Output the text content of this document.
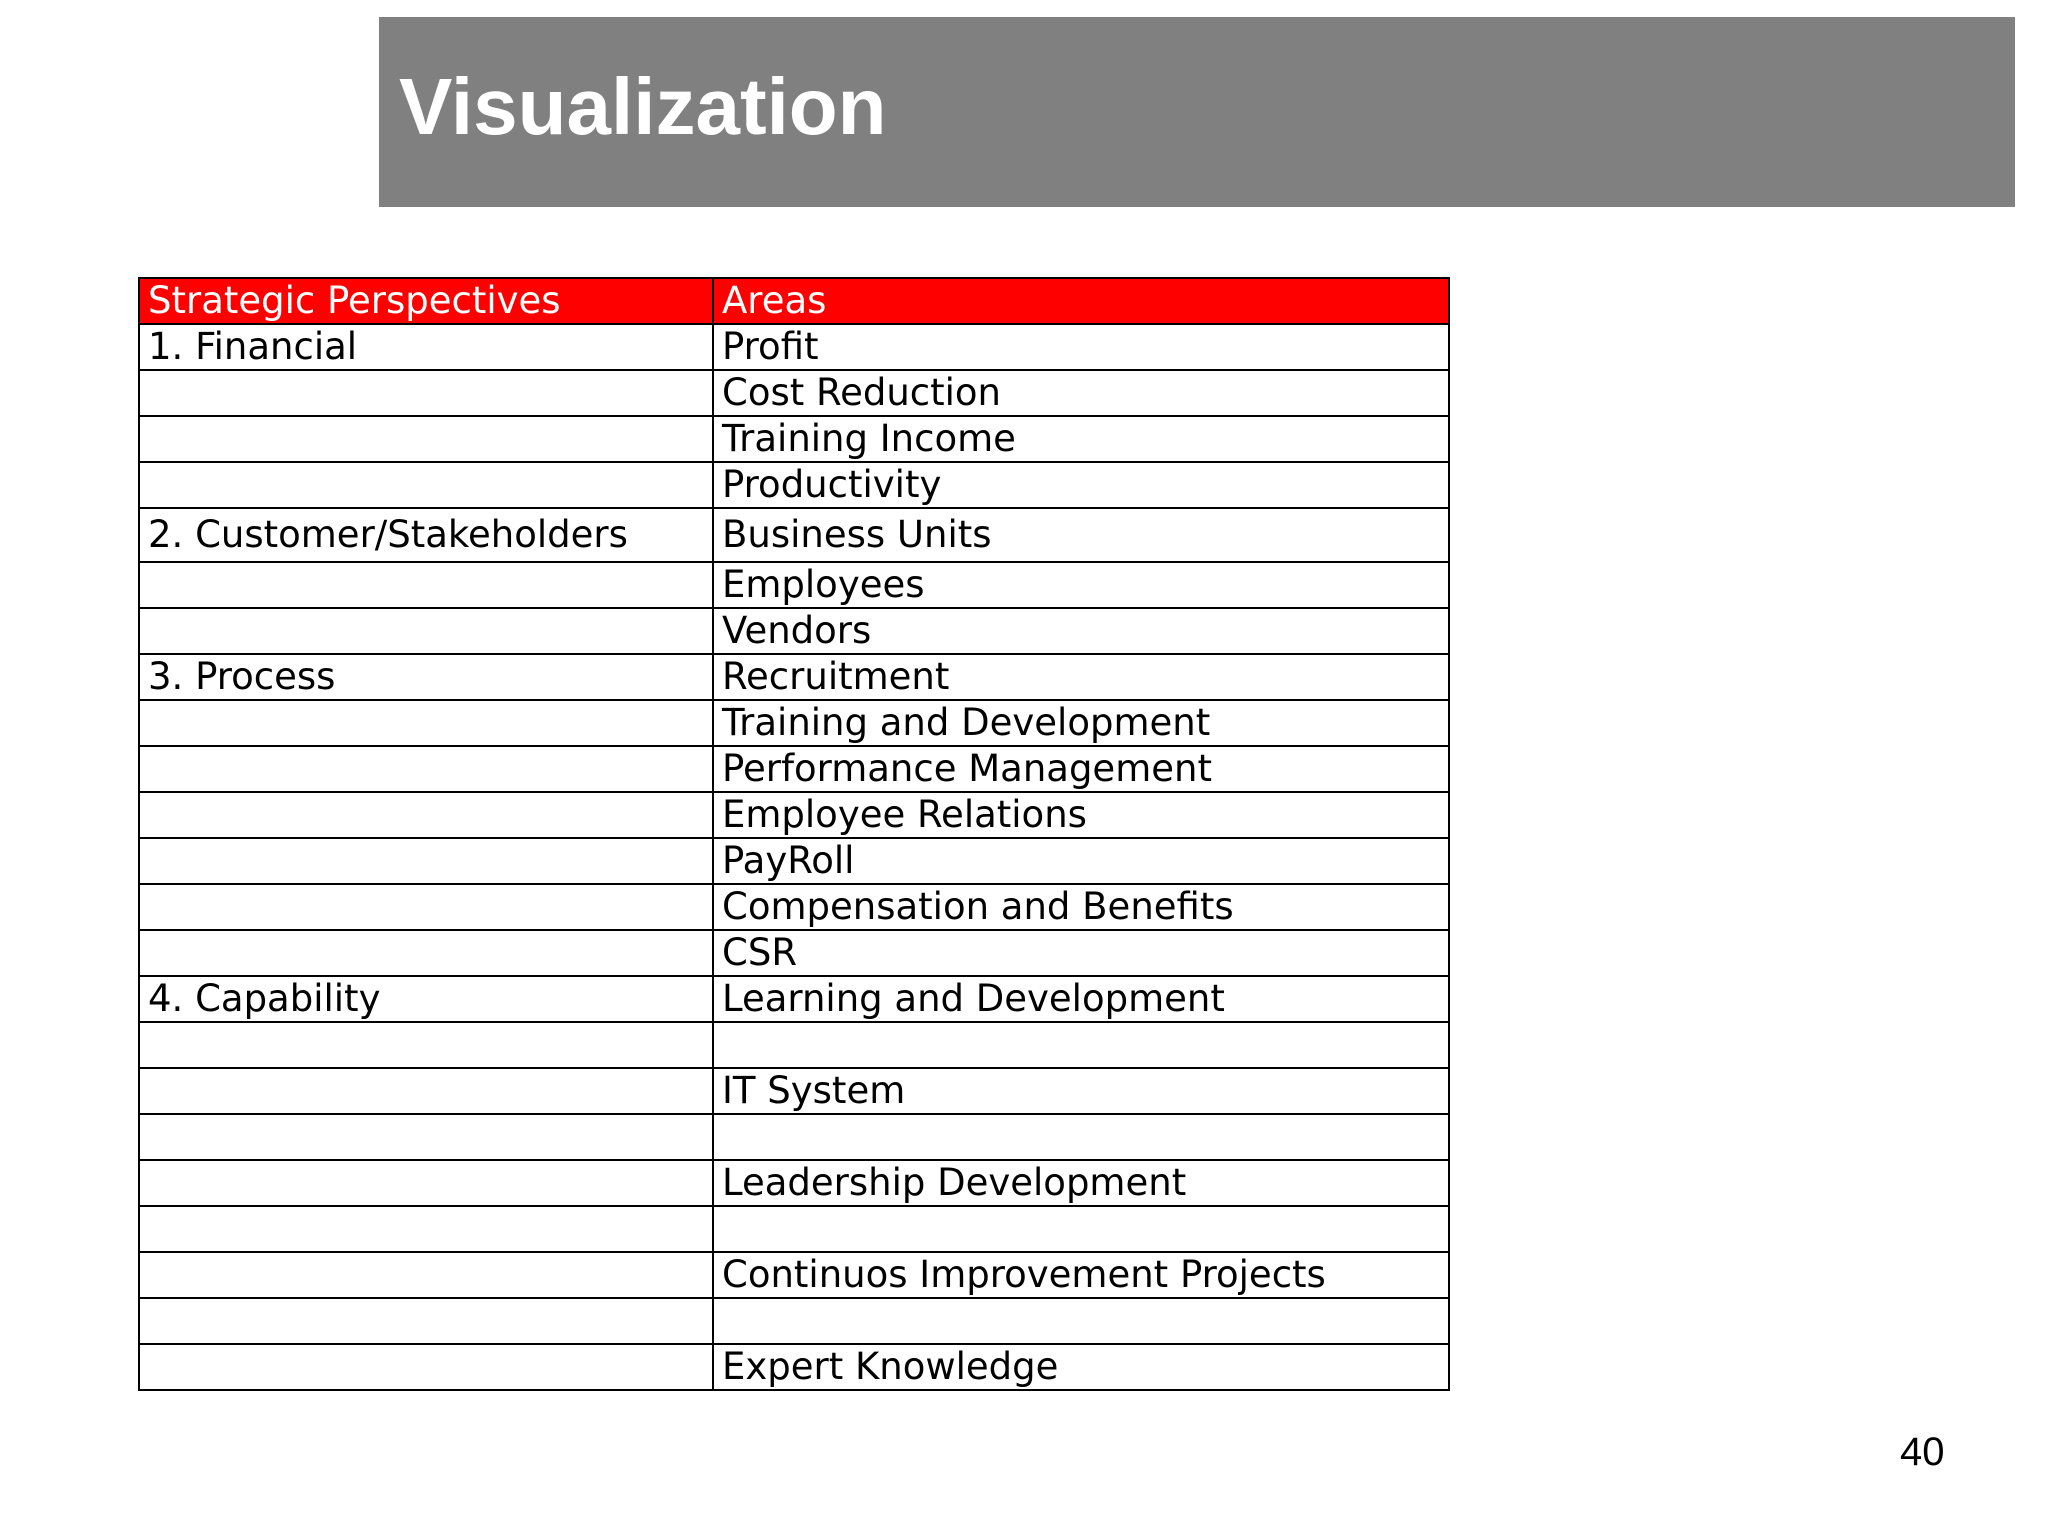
Visualization
Strategic Perspectives	Areas
1. Financial	Profit
	Cost Reduction
	Training Income
	Productivity
2. Customer/Stakeholders	Business Units
	Employees
	Vendors
3. Process	Recruitment
	Training and Development
	Performance Management
	Employee Relations
	PayRoll
	Compensation and Benefits
	CSR
4. Capability	Learning and Development

	IT System

	Leadership Development

	Continuos Improvement Projects

	Expert Knowledge
40
